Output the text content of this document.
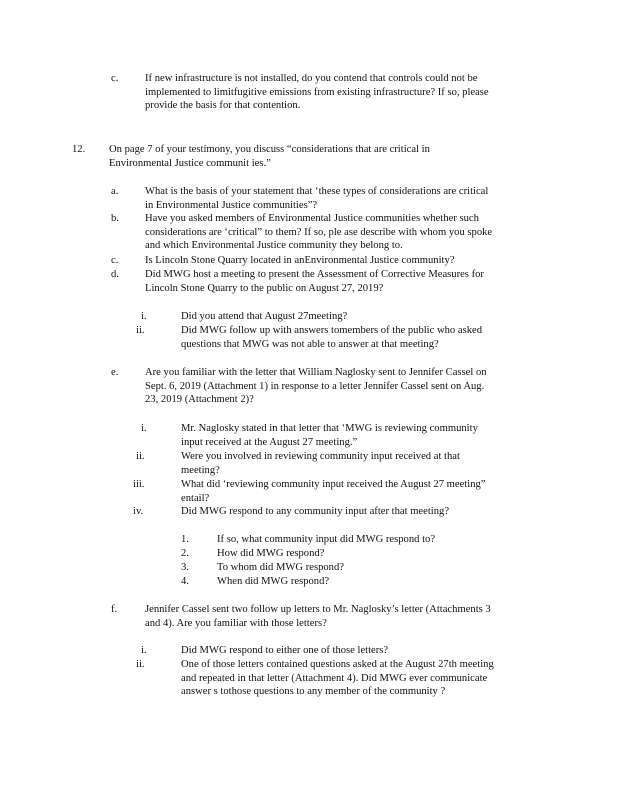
c.	If new infrastructure is not installed, do you contend that controls could not be
implemented to limitfugitive emissions from existing infrastructure? If so, please
provide the basis for that contention.
12. On page 7 of your testimony, you discuss “considerations that are critical in
Environmental Justice communit ies.”
a.	What is the basis of your statement that ‘these types of considerations are critical
in Environmental Justice communities”?
b. Have you asked members of Environmental Justice communities whether such
considerations are ‘critical” to them? If so, ple ase describe with whom you spoke
and which Environmental Justice community they belong to.
c.	Is Lincoln Stone Quarry located in anEnvironmental Justice community?
d. Did MWG host a meeting to present the Assessment of Corrective Measures for
Lincoln Stone Quarry to the public on August 27, 2019?
i.	Did you attend that August 27meeting?
ii.	Did MWG follow up with answers tomembers of the public who asked
questions that MWG was not able to answer at that meeting?
e.	Are you familiar with the letter that William Naglosky sent to Jennifer Cassel on
Sept. 6, 2019 (Attachment 1) in response to a letter Jennifer Cassel sent on Aug.
23, 2019 (Attachment 2)?
i.	Mr. Naglosky stated in that letter that ‘MWG is reviewing community
input received at the August 27 meeting.”
ii.	Were you involved in reviewing community input received at that
meeting?
iii.	What did ‘reviewing community input received the August 27 meeting”
entail?
iv.	Did MWG respond to any community input after that meeting?
1.	If so, what community input did MWG respond to?
2.	How did MWG respond?
3.	To whom did MWG respond?
4.	When did MWG respond?
f.	Jennifer Cassel sent two follow up letters to Mr. Naglosky’s letter (Attachments 3
and 4). Are you familiar with those letters?
i.	Did MWG respond to either one of those letters?
ii.	One of those letters contained questions asked at the August 27th meeting
and repeated in that letter (Attachment 4). Did MWG ever communicate
answer s tothose questions to any member of the community ?
